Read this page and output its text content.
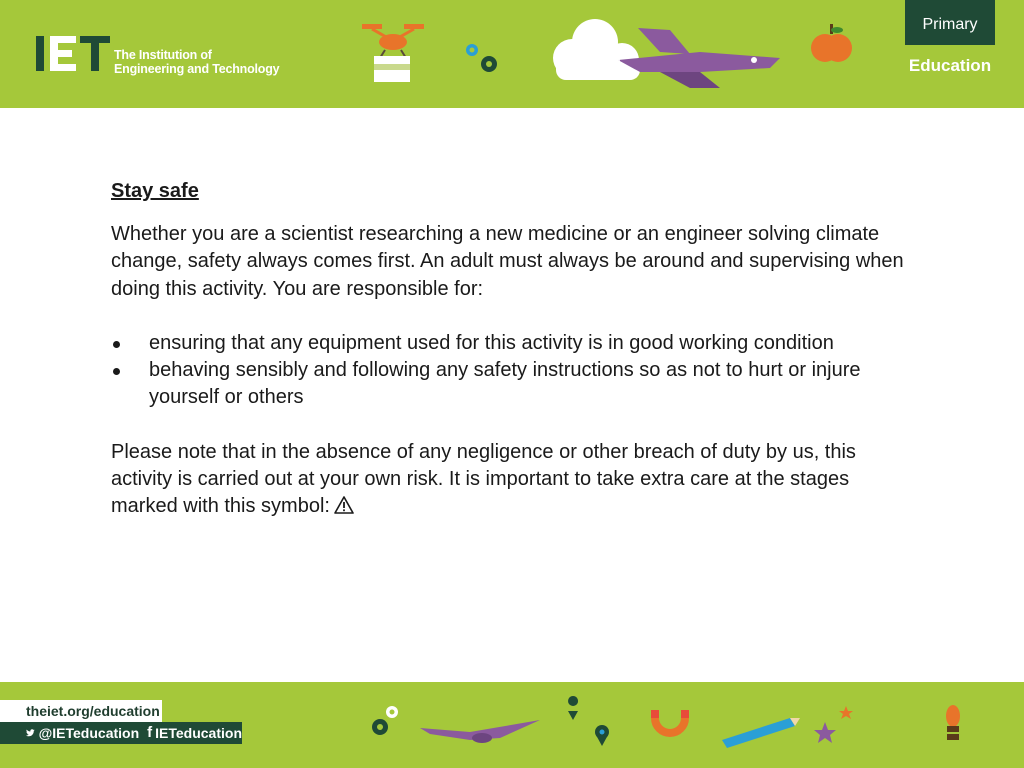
The Institution of
Engineering and Technology
Primary
Education
Stay safe

Whether you are a scientist researching a new medicine or an engineer solving climate change, safety always comes first. An adult must always be around and supervising when doing this activity. You are responsible for:

ensuring that any equipment used for this activity is in good working condition
behaving sensibly and following any safety instructions so as not to hurt or injure yourself or others

Please note that in the absence of any negligence or other breach of duty by us, this activity is carried out at your own risk. It is important to take extra care at the stages marked with this symbol:

theiet.org/education
@IETeducation f IETeducation
